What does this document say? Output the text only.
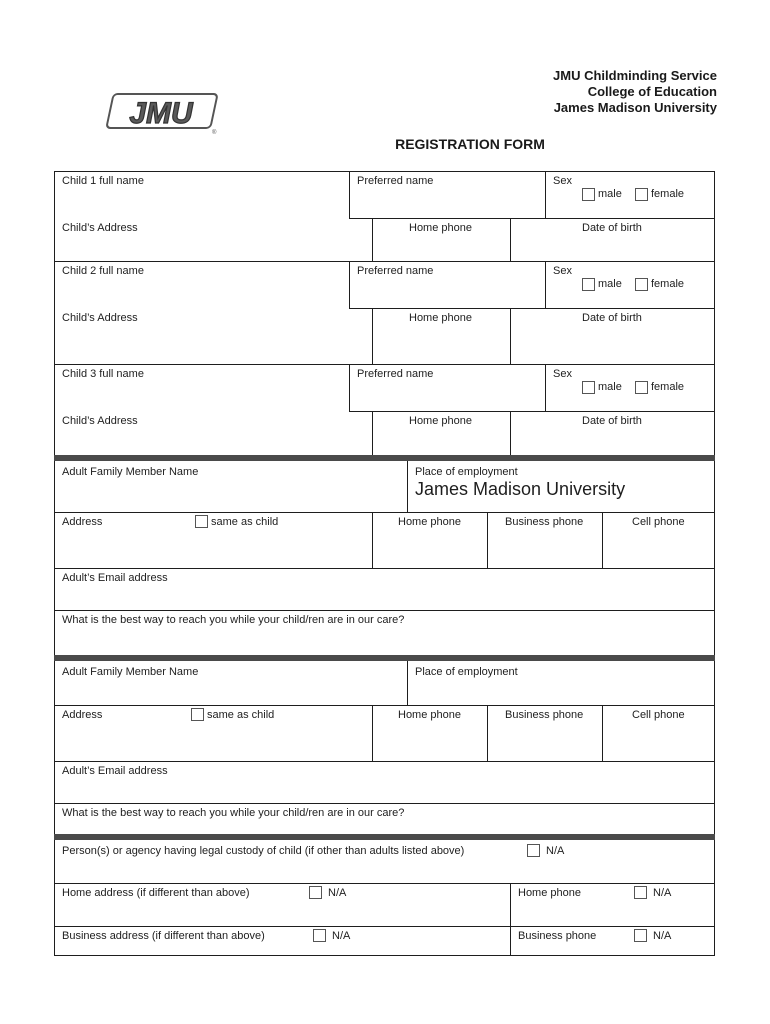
JMU
®
JMU Childminding Service
College of Education
James Madison University
REGISTRATION FORM
Child 1 full name	Preferred name	Sex
male	female
Child’s Address	Home phone	Date of birth
Child 2 full name	Preferred name	Sex
male	female
Child’s Address	Home phone	Date of birth
Child 3 full name	Preferred name	Sex
male	female
Child’s Address	Home phone	Date of birth
Adult Family Member Name	Place of employment
James Madison University
Address	same as child	Home phone	Business phone	Cell phone
Adult’s Email address
What is the best way to reach you while your child/ren are in our care?
Adult Family Member Name	Place of employment
Address	same as child	Home phone	Business phone	Cell phone
Adult’s Email address
What is the best way to reach you while your child/ren are in our care?
Person(s) or agency having legal custody of child (if other than adults listed above)	N/A
Home address (if different than above)	N/A	Home phone	N/A
Business address (if different than above)	N/A	Business phone	N/A
